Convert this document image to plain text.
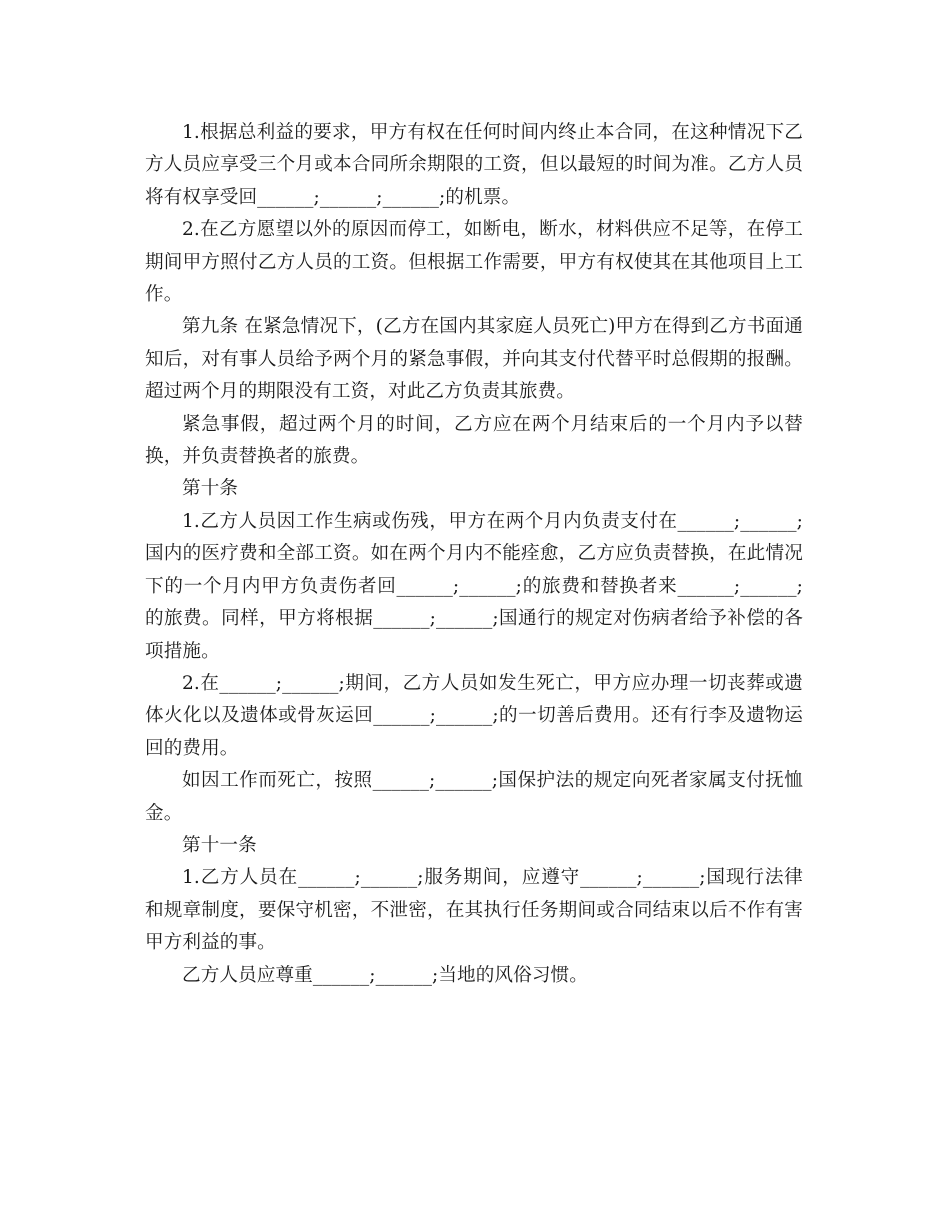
1.根据总利益的要求，甲方有权在任何时间内终止本合同，在这种情况下乙方人员应享受三个月或本合同所余期限的工资，但以最短的时间为准。乙方人员将有权享受回______;______;______;的机票。

2.在乙方愿望以外的原因而停工，如断电，断水，材料供应不足等，在停工期间甲方照付乙方人员的工资。但根据工作需要，甲方有权使其在其他项目上工作。

第九条 在紧急情况下，(乙方在国内其家庭人员死亡)甲方在得到乙方书面通知后，对有事人员给予两个月的紧急事假，并向其支付代替平时总假期的报酬。超过两个月的期限没有工资，对此乙方负责其旅费。

紧急事假，超过两个月的时间，乙方应在两个月结束后的一个月内予以替换，并负责替换者的旅费。

第十条

1.乙方人员因工作生病或伤残，甲方在两个月内负责支付在______;______;国内的医疗费和全部工资。如在两个月内不能痊愈，乙方应负责替换，在此情况下的一个月内甲方负责伤者回______;______;的旅费和替换者来______;______;的旅费。同样，甲方将根据______;______;国通行的规定对伤病者给予补偿的各项措施。

2.在______;______;期间，乙方人员如发生死亡，甲方应办理一切丧葬或遗体火化以及遗体或骨灰运回______;______;的一切善后费用。还有行李及遗物运回的费用。

如因工作而死亡，按照______;______;国保护法的规定向死者家属支付抚恤金。

第十一条

1.乙方人员在______;______;服务期间，应遵守______;______;国现行法律和规章制度，要保守机密，不泄密，在其执行任务期间或合同结束以后不作有害甲方利益的事。

乙方人员应尊重______;______;当地的风俗习惯。
